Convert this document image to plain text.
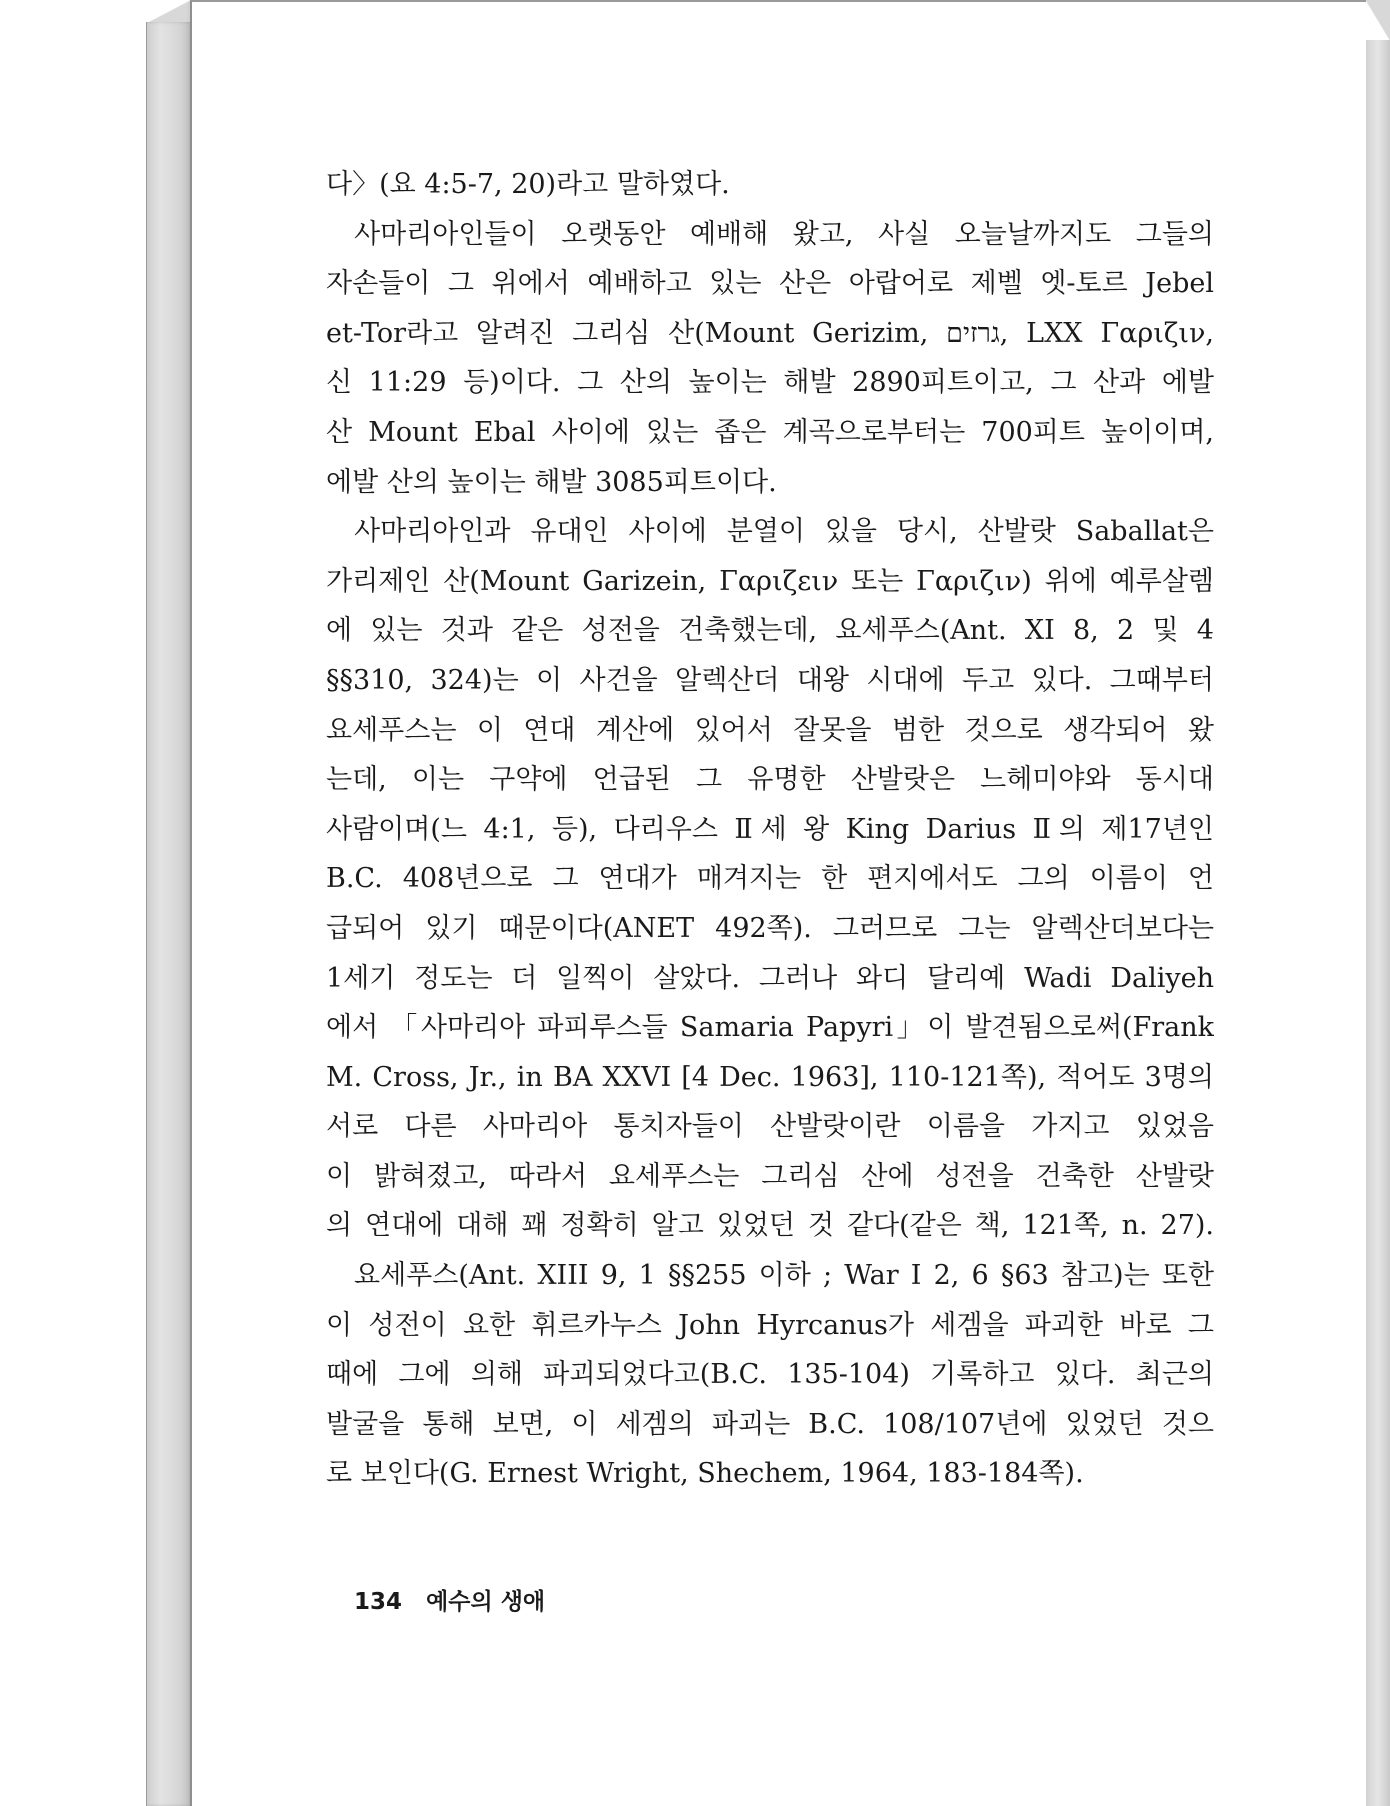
다〉(요 4:5-7, 20)라고 말하였다.
사마리아인들이 오랫동안 예배해 왔고, 사실 오늘날까지도 그들의
자손들이 그 위에서 예배하고 있는 산은 아랍어로 제벨 엣-토르 Jebel
et-Tor라고 알려진 그리심 산(Mount Gerizim, גרזים, LXX Γαριζιν,
신 11:29 등)이다. 그 산의 높이는 해발 2890피트이고, 그 산과 에발
산 Mount Ebal 사이에 있는 좁은 계곡으로부터는 700피트 높이이며,
에발 산의 높이는 해발 3085피트이다.
사마리아인과 유대인 사이에 분열이 있을 당시, 산발랏 Saballat은
가리제인 산(Mount Garizein, Γαριζειν 또는 Γαριζιν) 위에 예루살렘
에 있는 것과 같은 성전을 건축했는데, 요세푸스(Ant. XI 8, 2 및 4
§§310, 324)는 이 사건을 알렉산더 대왕 시대에 두고 있다. 그때부터
요세푸스는 이 연대 계산에 있어서 잘못을 범한 것으로 생각되어 왔
는데, 이는 구약에 언급된 그 유명한 산발랏은 느헤미야와 동시대
사람이며(느 4:1, 등), 다리우스 Ⅱ세 왕 King Darius Ⅱ의 제17년인
B.C. 408년으로 그 연대가 매겨지는 한 편지에서도 그의 이름이 언
급되어 있기 때문이다(ANET 492쪽). 그러므로 그는 알렉산더보다는
1세기 정도는 더 일찍이 살았다. 그러나 와디 달리예 Wadi Daliyeh
에서 「사마리아 파피루스들 Samaria Papyri」이 발견됨으로써(Frank
M. Cross, Jr., in BA XXVI [4 Dec. 1963], 110-121쪽), 적어도 3명의
서로 다른 사마리아 통치자들이 산발랏이란 이름을 가지고 있었음
이 밝혀졌고, 따라서 요세푸스는 그리심 산에 성전을 건축한 산발랏
의 연대에 대해 꽤 정확히 알고 있었던 것 같다(같은 책, 121쪽, n. 27).
요세푸스(Ant. XIII 9, 1 §§255 이하 ; War I 2, 6 §63 참고)는 또한
이 성전이 요한 휘르카누스 John Hyrcanus가 세겜을 파괴한 바로 그
때에 그에 의해 파괴되었다고(B.C. 135-104) 기록하고 있다. 최근의
발굴을 통해 보면, 이 세겜의 파괴는 B.C. 108/107년에 있었던 것으
로 보인다(G. Ernest Wright, Shechem, 1964, 183-184쪽).
134 예수의 생애
